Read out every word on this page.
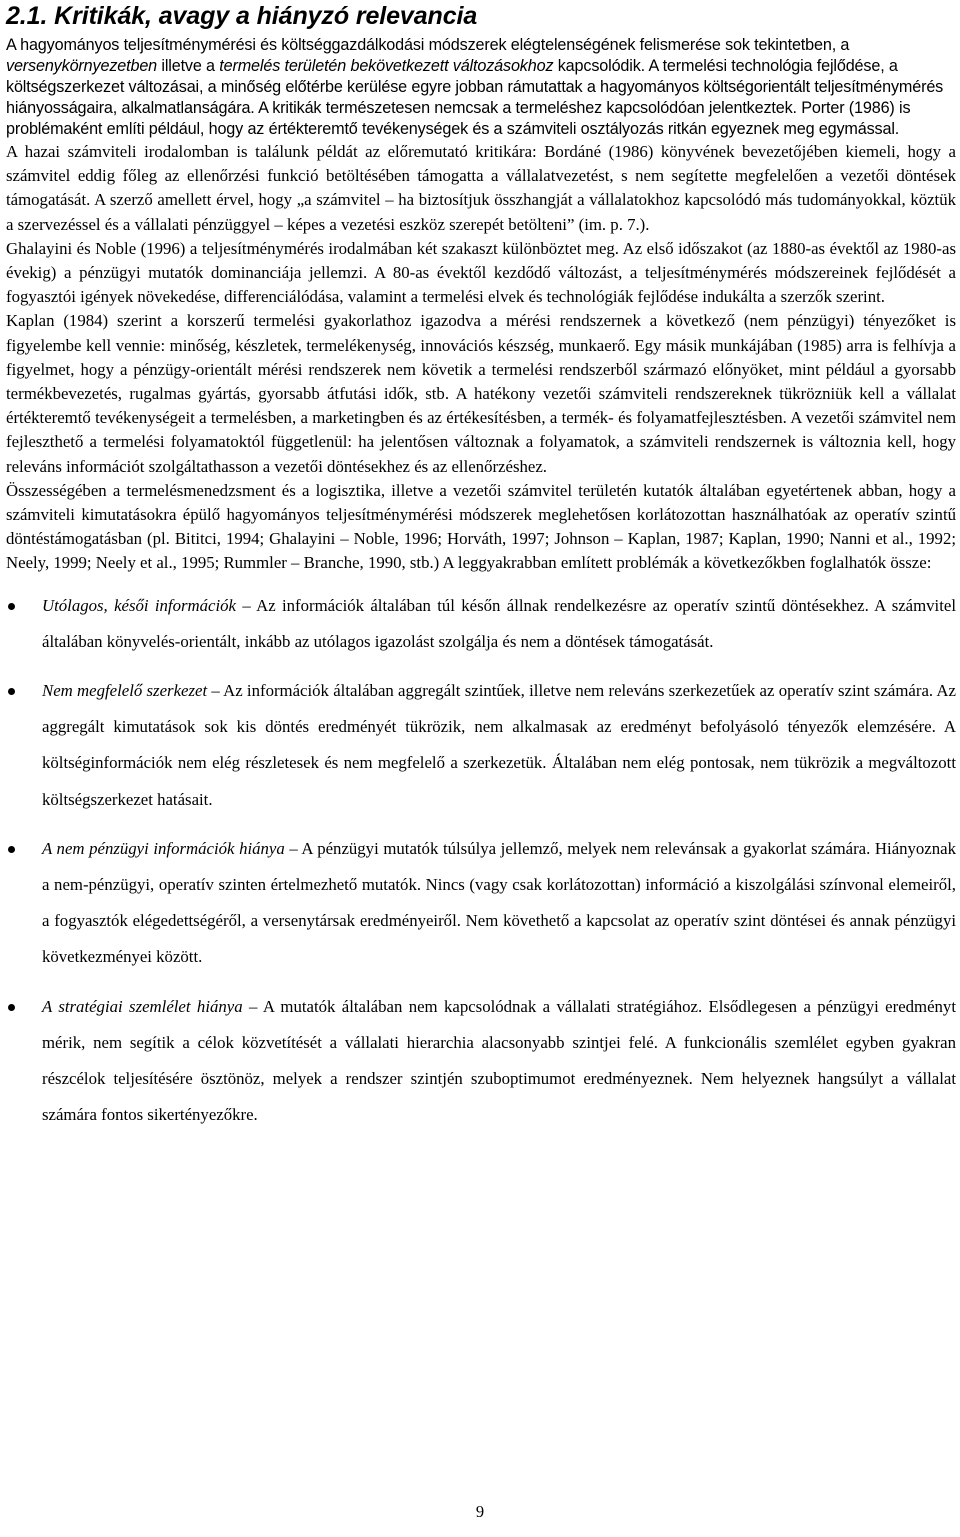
2.1. Kritikák, avagy a hiányzó relevancia

A hagyományos teljesítménymérési és költséggazdálkodási módszerek elégtelenségének felismerése sok tekintetben, a versenykörnyezetben illetve a termelés területén bekövetkezett változásokhoz kapcsolódik. A termelési technológia fejlődése, a költségszerkezet változásai, a minőség előtérbe kerülése egyre jobban rámutattak a hagyományos költségorientált teljesítménymérés hiányosságaira, alkalmatlanságára. A kritikák természetesen nemcsak a termeléshez kapcsolódóan jelentkeztek. Porter (1986) is problémaként említi például, hogy az értékteremtő tevékenységek és a számviteli osztályozás ritkán egyeznek meg egymással.

A hazai számviteli irodalomban is találunk példát az előremutató kritikára: Bordáné (1986) könyvének bevezetőjében kiemeli, hogy a számvitel eddig főleg az ellenőrzési funkció betöltésében támogatta a vállalatvezetést, s nem segítette megfelelően a vezetői döntések támogatását. A szerző amellett érvel, hogy „a számvitel – ha biztosítjuk összhangját a vállalatokhoz kapcsolódó más tudományokkal, köztük a szervezéssel és a vállalati pénzüggyel – képes a vezetési eszköz szerepét betölteni” (im. p. 7.).

Ghalayini és Noble (1996) a teljesítménymérés irodalmában két szakaszt különböztet meg. Az első időszakot (az 1880-as évektől az 1980-as évekig) a pénzügyi mutatók dominanciája jellemzi. A 80-as évektől kezdődő változást, a teljesítménymérés módszereinek fejlődését a fogyasztói igények növekedése, differenciálódása, valamint a termelési elvek és technológiák fejlődése indukálta a szerzők szerint.

Kaplan (1984) szerint a korszerű termelési gyakorlathoz igazodva a mérési rendszernek a következő (nem pénzügyi) tényezőket is figyelembe kell vennie: minőség, készletek, termelékenység, innovációs készség, munkaerő. Egy másik munkájában (1985) arra is felhívja a figyelmet, hogy a pénzügy-orientált mérési rendszerek nem követik a termelési rendszerből származó előnyöket, mint például a gyorsabb termékbevezetés, rugalmas gyártás, gyorsabb átfutási idők, stb. A hatékony vezetői számviteli rendszereknek tükrözniük kell a vállalat értékteremtő tevékenységeit a termelésben, a marketingben és az értékesítésben, a termék- és folyamatfejlesztésben. A vezetői számvitel nem fejleszthető a termelési folyamatoktól függetlenül: ha jelentősen változnak a folyamatok, a számviteli rendszernek is változnia kell, hogy releváns információt szolgáltathasson a vezetői döntésekhez és az ellenőrzéshez.

Összességében a termelésmenedzsment és a logisztika, illetve a vezetői számvitel területén kutatók általában egyetértenek abban, hogy a számviteli kimutatásokra épülő hagyományos teljesítménymérési módszerek meglehetősen korlátozottan használhatóak az operatív szintű döntéstámogatásban (pl. Bititci, 1994; Ghalayini – Noble, 1996; Horváth, 1997; Johnson – Kaplan, 1987; Kaplan, 1990; Nanni et al., 1992; Neely, 1999; Neely et al., 1995; Rummler – Branche, 1990, stb.) A leggyakrabban említett problémák a következőkben foglalhatók össze:

Utólagos, késői információk – Az információk általában túl későn állnak rendelkezésre az operatív szintű döntésekhez. A számvitel általában könyvelés-orientált, inkább az utólagos igazolást szolgálja és nem a döntések támogatását.
Nem megfelelő szerkezet – Az információk általában aggregált szintűek, illetve nem releváns szerkezetűek az operatív szint számára. Az aggregált kimutatások sok kis döntés eredményét tükrözik, nem alkalmasak az eredményt befolyásoló tényezők elemzésére. A költséginformációk nem elég részletesek és nem megfelelő a szerkezetük. Általában nem elég pontosak, nem tükrözik a megváltozott költségszerkezet hatásait.
A nem pénzügyi információk hiánya – A pénzügyi mutatók túlsúlya jellemző, melyek nem relevánsak a gyakorlat számára. Hiányoznak a nem-pénzügyi, operatív szinten értelmezhető mutatók. Nincs (vagy csak korlátozottan) információ a kiszolgálási színvonal elemeiről, a fogyasztók elégedettségéről, a versenytársak eredményeiről. Nem követhető a kapcsolat az operatív szint döntései és annak pénzügyi következményei között.
A stratégiai szemlélet hiánya – A mutatók általában nem kapcsolódnak a vállalati stratégiához. Elsődlegesen a pénzügyi eredményt mérik, nem segítik a célok közvetítését a vállalati hierarchia alacsonyabb szintjei felé. A funkcionális szemlélet egyben gyakran részcélok teljesítésére ösztönöz, melyek a rendszer szintjén szuboptimumot eredményeznek. Nem helyeznek hangsúlyt a vállalat számára fontos sikertényezőkre.
9
